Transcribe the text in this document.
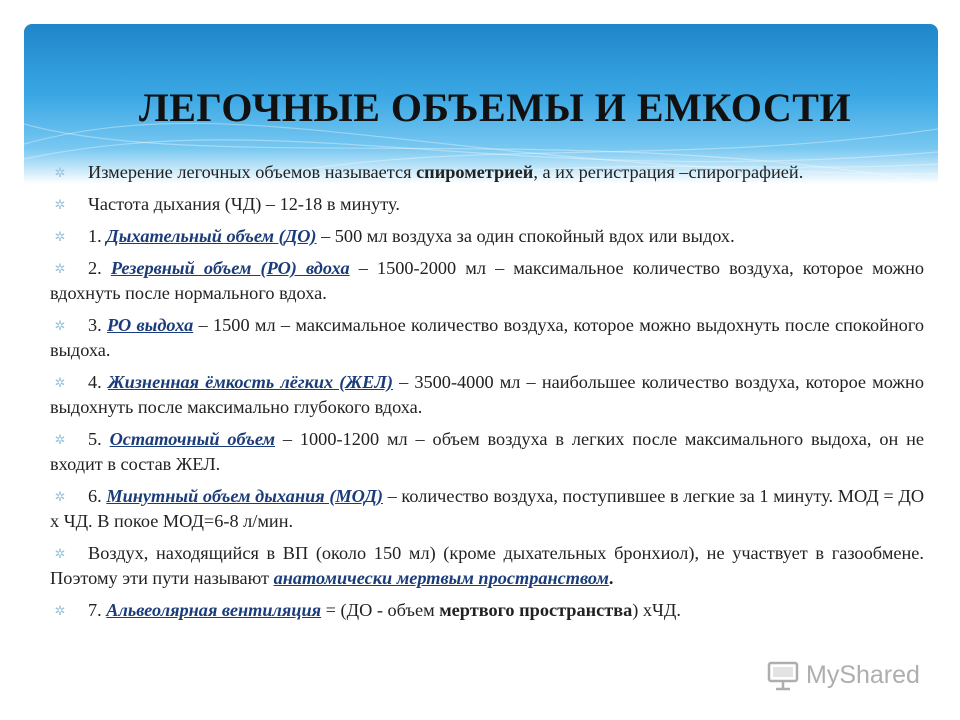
ЛЕГОЧНЫЕ ОБЪЕМЫ И ЕМКОСТИ
✲ Измерение легочных объемов называется спирометрией, а их регистрация –спирографией.
✲ Частота дыхания (ЧД) – 12-18 в минуту.
✲ 1. Дыхательный объем (ДО) – 500 мл воздуха за один спокойный вдох или выдох.
✲ 2. Резервный объем (РО) вдоха – 1500-2000 мл – максимальное количество воздуха, которое можно вдохнуть после нормального вдоха.
✲ 3. РО выдоха – 1500 мл – максимальное количество воздуха, которое можно выдохнуть после спокойного выдоха.
✲ 4. Жизненная ёмкость лёгких (ЖЕЛ) – 3500-4000 мл – наибольшее количество воздуха, которое можно выдохнуть после максимально глубокого вдоха.
✲ 5. Остаточный объем – 1000-1200 мл – объем воздуха в легких после максимального выдоха, он не входит в состав ЖЕЛ.
✲ 6. Минутный объем дыхания (МОД) – количество воздуха, поступившее в легкие за 1 минуту. МОД = ДО х ЧД. В покое МОД=6-8 л/мин.
✲ Воздух, находящийся в ВП (около 150 мл) (кроме дыхательных бронхиол), не участвует в газообмене. Поэтому эти пути называют анатомически мертвым пространством.
✲ 7. Альвеолярная вентиляция = (ДО - объем мертвого пространства) хЧД.
MyShared
